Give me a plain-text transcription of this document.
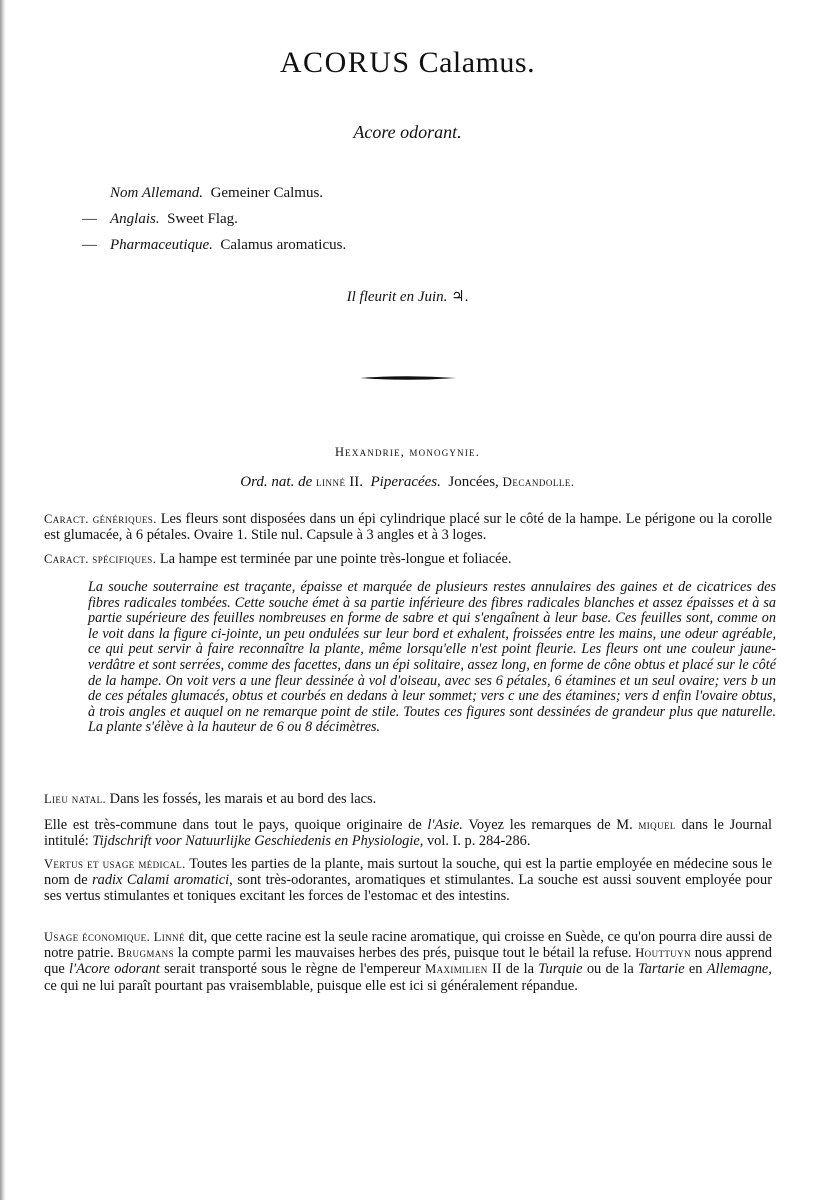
ACORUS Calamus.
Acore odorant.
Nom Allemand. Gemeiner Calmus.
— Anglais. Sweet Flag.
— Pharmaceutique. Calamus aromaticus.
Il fleurit en Juin. ♃.
Hexandrie, monogynie.
Ord. nat. de linné II. Piperacées. Joncées, Decandolle.
Caract. génériques. Les fleurs sont disposées dans un épi cylindrique placé sur le côté de la hampe. Le périgone ou la corolle est glumacée, à 6 pétales. Ovaire 1. Stile nul. Capsule à 3 angles et à 3 loges.
Caract. spécifiques. La hampe est terminée par une pointe très-longue et foliacée.
La souche souterraine est traçante, épaisse et marquée de plusieurs restes annulaires des gaines et de cicatrices des fibres radicales tombées. Cette souche émet à sa partie inférieure des fibres radicales blanches et assez épaisses et à sa partie supérieure des feuilles nombreuses en forme de sabre et qui s'engaînent à leur base. Ces feuilles sont, comme on le voit dans la figure ci-jointe, un peu ondulées sur leur bord et exhalent, froissées entre les mains, une odeur agréable, ce qui peut servir à faire reconnaître la plante, même lorsqu'elle n'est point fleurie. Les fleurs ont une couleur jaune-verdâtre et sont serrées, comme des facettes, dans un épi solitaire, assez long, en forme de cône obtus et placé sur le côté de la hampe. On voit vers a une fleur dessinée à vol d'oiseau, avec ses 6 pétales, 6 étamines et un seul ovaire; vers b un de ces pétales glumacés, obtus et courbés en dedans à leur sommet; vers c une des étamines; vers d enfin l'ovaire obtus, à trois angles et auquel on ne remarque point de stile. Toutes ces figures sont dessinées de grandeur plus que naturelle. La plante s'élève à la hauteur de 6 ou 8 décimètres.
Lieu natal. Dans les fossés, les marais et au bord des lacs.
Elle est très-commune dans tout le pays, quoique originaire de l'Asie. Voyez les remarques de M. miquel dans le Journal intitulé: Tijdschrift voor Natuurlijke Geschiedenis en Physiologie, vol. I. p. 284-286.
Vertus et usage médical. Toutes les parties de la plante, mais surtout la souche, qui est la partie employée en médecine sous le nom de radix Calami aromatici, sont très-odorantes, aromatiques et stimulantes. La souche est aussi souvent employée pour ses vertus stimulantes et toniques excitant les forces de l'estomac et des intestins.
Usage économique. Linné dit, que cette racine est la seule racine aromatique, qui croisse en Suède, ce qu'on pourra dire aussi de notre patrie. Brugmans la compte parmi les mauvaises herbes des prés, puisque tout le bétail la refuse. Houttuyn nous apprend que l'Acore odorant serait transporté sous le règne de l'empereur Maximilien II de la Turquie ou de la Tartarie en Allemagne, ce qui ne lui paraît pourtant pas vraisemblable, puisque elle est ici si généralement répandue.
